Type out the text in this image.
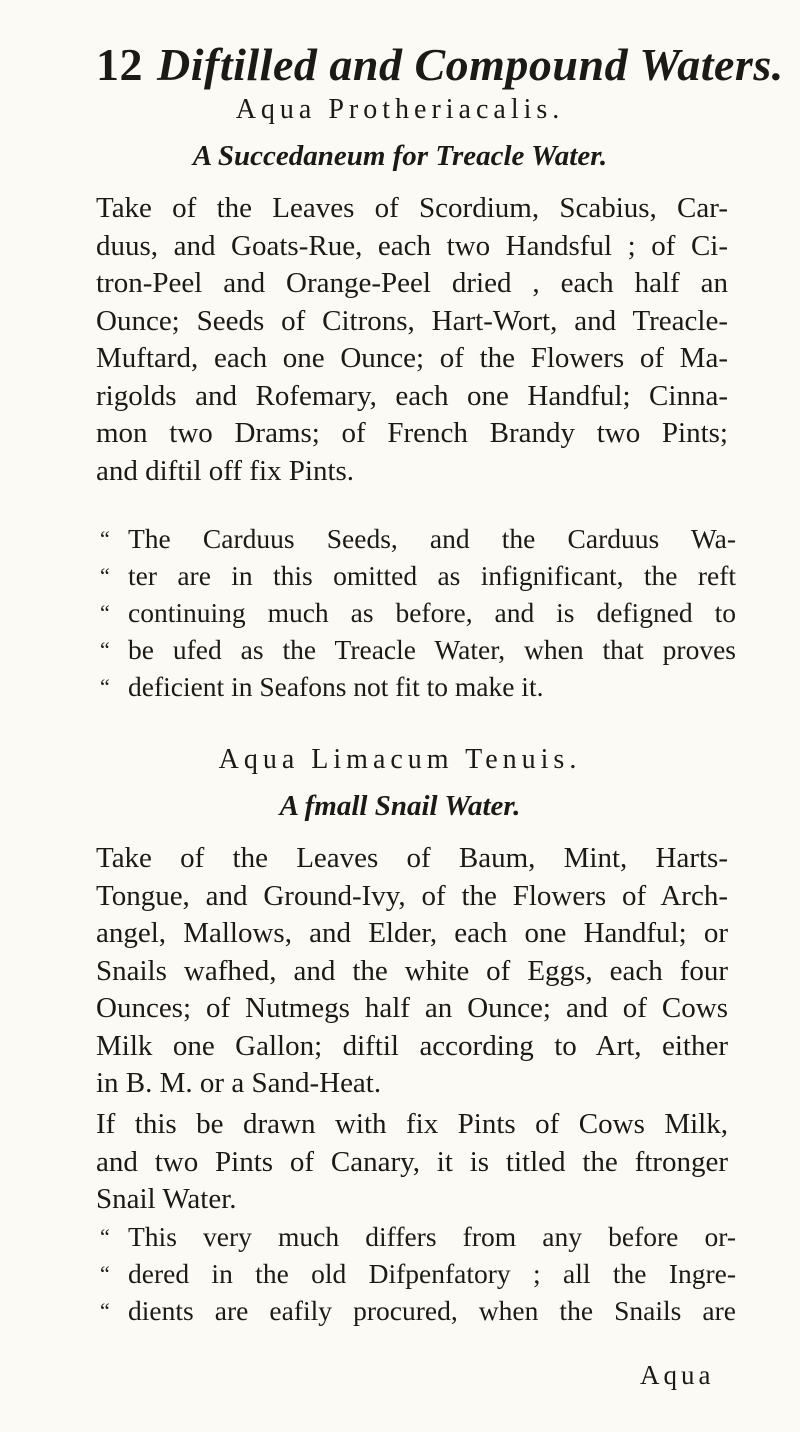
12 Diftilled and Compound Waters.
Aqua Protheriacalis.
A Succedaneum for Treacle Water.
Take of the Leaves of Scordium, Scabius, Car-
duus, and Goats-Rue, each two Handsful ; of Ci-
tron-Peel and Orange-Peel dried , each half an
Ounce; Seeds of Citrons, Hart-Wort, and Treacle-
Muftard, each one Ounce; of the Flowers of Ma-
rigolds and Rofemary, each one Handful; Cinna-
mon two Drams; of French Brandy two Pints;
and diftil off fix Pints.
“ The Carduus Seeds, and the Carduus Wa-
“ ter are in this omitted as infignificant, the reft
“ continuing much as before, and is defigned to
“ be ufed as the Treacle Water, when that proves
“ deficient in Seafons not fit to make it.
Aqua Limacum Tenuis.
A fmall Snail Water.
Take of the Leaves of Baum, Mint, Harts-
Tongue, and Ground-Ivy, of the Flowers of Arch-
angel, Mallows, and Elder, each one Handful; or
Snails wafhed, and the white of Eggs, each four
Ounces; of Nutmegs half an Ounce; and of Cows
Milk one Gallon; diftil according to Art, either
in B. M. or a Sand-Heat.
If this be drawn with fix Pints of Cows Milk,
and two Pints of Canary, it is titled the ftronger
Snail Water.
“ This very much differs from any before or-
“ dered in the old Difpenfatory ; all the Ingre-
“ dients are eafily procured, when the Snails are
Aqua
